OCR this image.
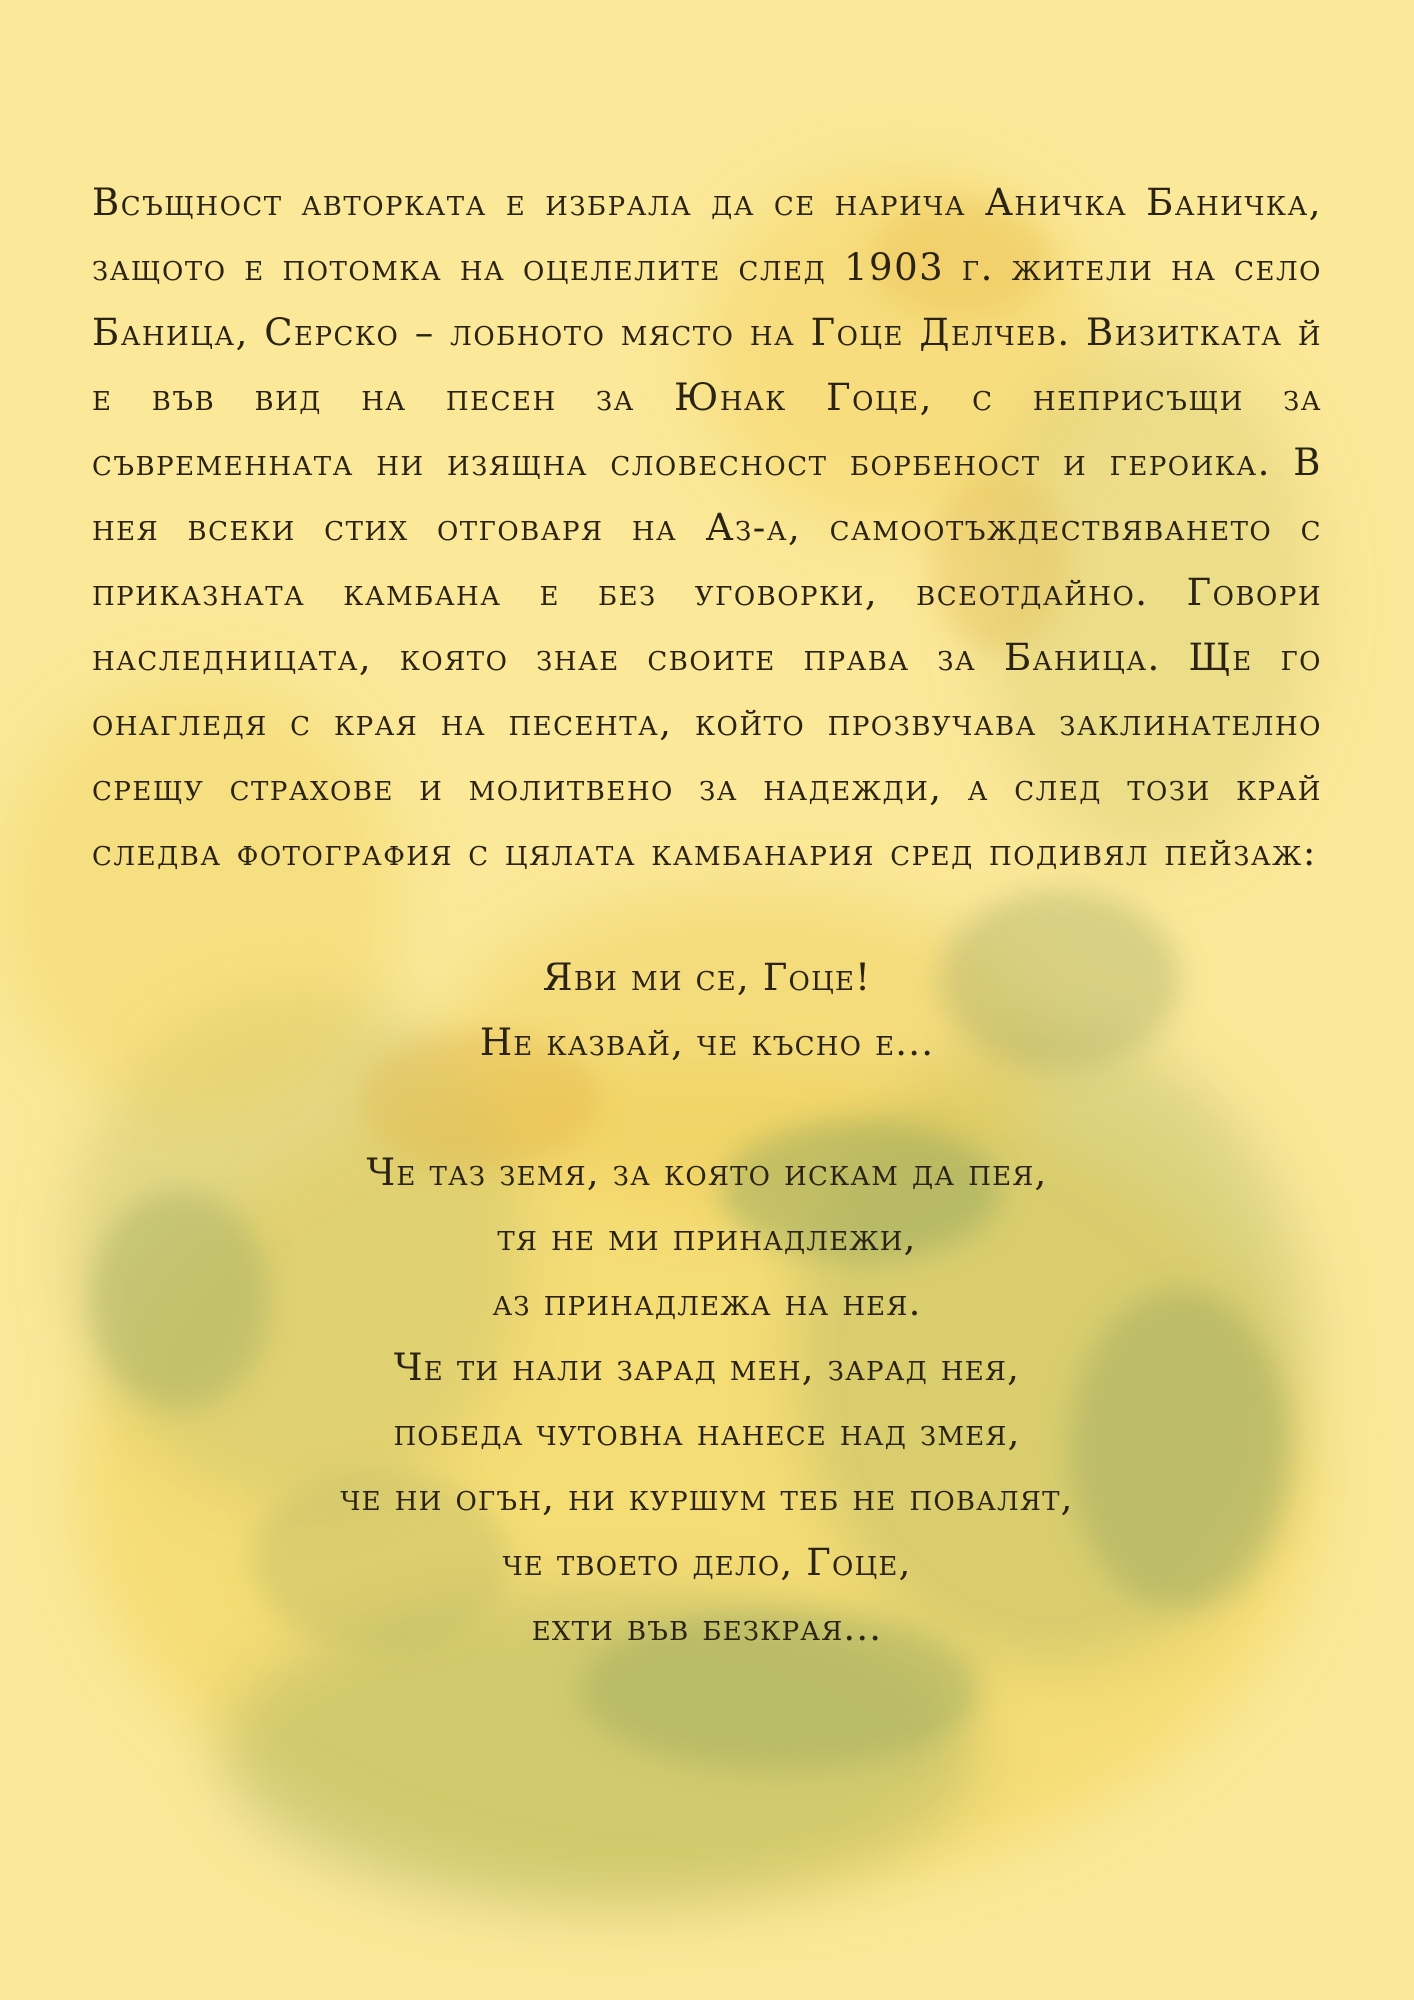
Всъщност авторката е избрала да се нарича Аничка Баничка, защото е потомка на оцелелите след 1903 г. жители на село Баница, Серско – лобното място на Гоце Делчев. Визитката й е във вид на песен за Юнак Гоце, с неприсъщи за съвременната ни изящна словесност борбеност и героика. В нея всеки стих отговаря на Аз-а, самоотъждествяването с приказната камбана е без уговорки, всеотдайно. Говори наследницата, която знае своите права за Баница. Ще го онагледя с края на песента, който прозвучава заклинателно срещу страхове и молитвено за надежди, а след този край следва фотография с цялата камбанария сред подивял пейзаж:

Яви ми се, Гоце!
Не казвай, че късно е...
Че таз земя, за която искам да пея,
тя не ми принадлежи,
аз принадлежа на нея.
Че ти нали зарад мен, зарад нея,
победа чутовна нанесе над змея,
че ни огън, ни куршум теб не повалят,
че твоето дело, Гоце,
ехти във безкрая...
